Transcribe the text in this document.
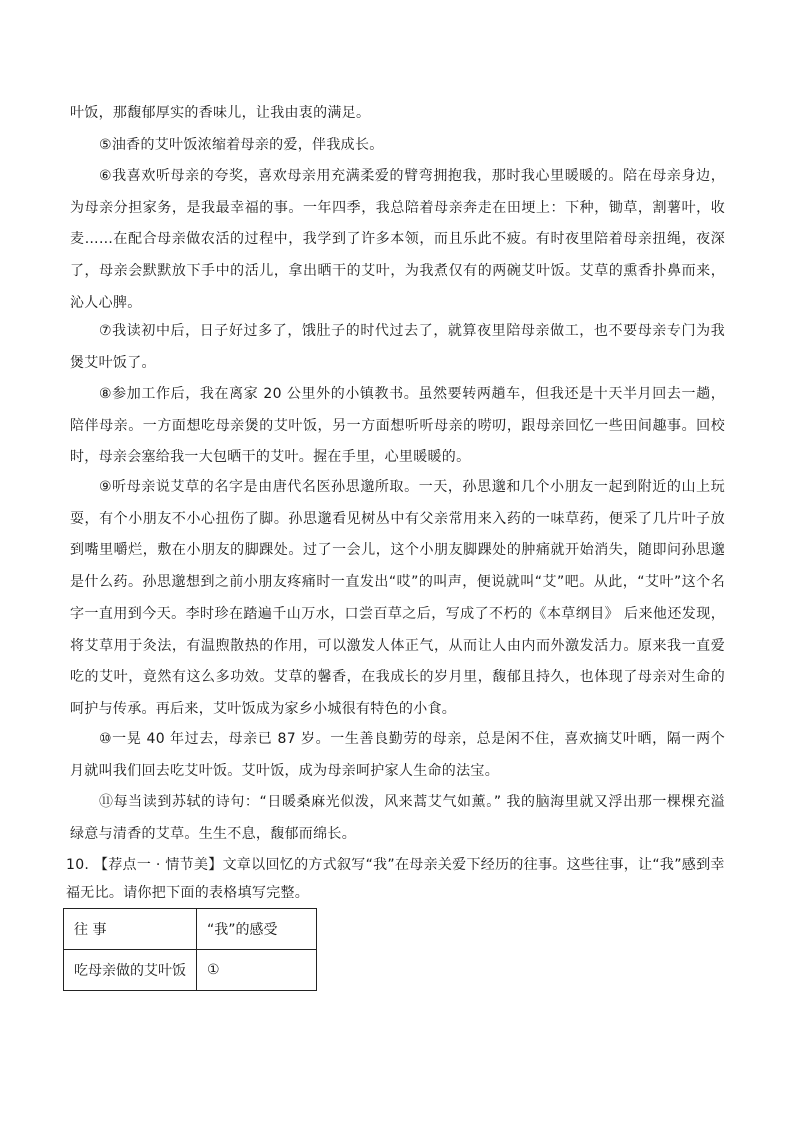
叶饭，那馥郁厚实的香味儿，让我由衷的满足。

⑤油香的艾叶饭浓缩着母亲的爱，伴我成长。

⑥我喜欢听母亲的夸奖，喜欢母亲用充满柔爱的臂弯拥抱我，那时我心里暖暖的。陪在母亲身边，为母亲分担家务，是我最幸福的事。一年四季，我总陪着母亲奔走在田埂上：下种，锄草，割薯叶，收麦……在配合母亲做农活的过程中，我学到了许多本领，而且乐此不疲。有时夜里陪着母亲扭绳，夜深了，母亲会默默放下手中的活儿，拿出晒干的艾叶，为我煮仅有的两碗艾叶饭。艾草的熏香扑鼻而来，沁人心脾。

⑦我读初中后，日子好过多了，饿肚子的时代过去了，就算夜里陪母亲做工，也不要母亲专门为我煲艾叶饭了。

⑧参加工作后，我在离家 20 公里外的小镇教书。虽然要转两趟车，但我还是十天半月回去一趟，陪伴母亲。一方面想吃母亲煲的艾叶饭，另一方面想听听母亲的唠叨，跟母亲回忆一些田间趣事。回校时，母亲会塞给我一大包晒干的艾叶。握在手里，心里暖暖的。

⑨听母亲说艾草的名字是由唐代名医孙思邈所取。一天，孙思邈和几个小朋友一起到附近的山上玩耍，有个小朋友不小心扭伤了脚。孙思邈看见树丛中有父亲常用来入药的一味草药，便采了几片叶子放到嘴里嚼烂，敷在小朋友的脚踝处。过了一会儿，这个小朋友脚踝处的肿痛就开始消失，随即问孙思邈是什么药。孙思邈想到之前小朋友疼痛时一直发出“哎”的叫声，便说就叫“艾”吧。从此，“艾叶”这个名字一直用到今天。李时珍在踏遍千山万水，口尝百草之后，写成了不朽的《本草纲目》 后来他还发现，将艾草用于灸法，有温煦散热的作用，可以激发人体正气，从而让人由内而外激发活力。原来我一直爱吃的艾叶，竟然有这么多功效。艾草的馨香，在我成长的岁月里，馥郁且持久，也体现了母亲对生命的呵护与传承。再后来，艾叶饭成为家乡小城很有特色的小食。

⑩一晃 40 年过去，母亲已 87 岁。一生善良勤劳的母亲，总是闲不住，喜欢摘艾叶晒，隔一两个月就叫我们回去吃艾叶饭。艾叶饭，成为母亲呵护家人生命的法宝。

⑪每当读到苏轼的诗句：“日暖桑麻光似泼，风来蒿艾气如薰。” 我的脑海里就又浮出那一棵棵充溢绿意与清香的艾草。生生不息，馥郁而绵长。

10. 【荐点一 · 情节美】文章以回忆的方式叙写“我”在母亲关爱下经历的往事。这些往事，让“我”感到幸福无比。请你把下面的表格填写完整。

往 事	“我”的感受
吃母亲做的艾叶饭	①
